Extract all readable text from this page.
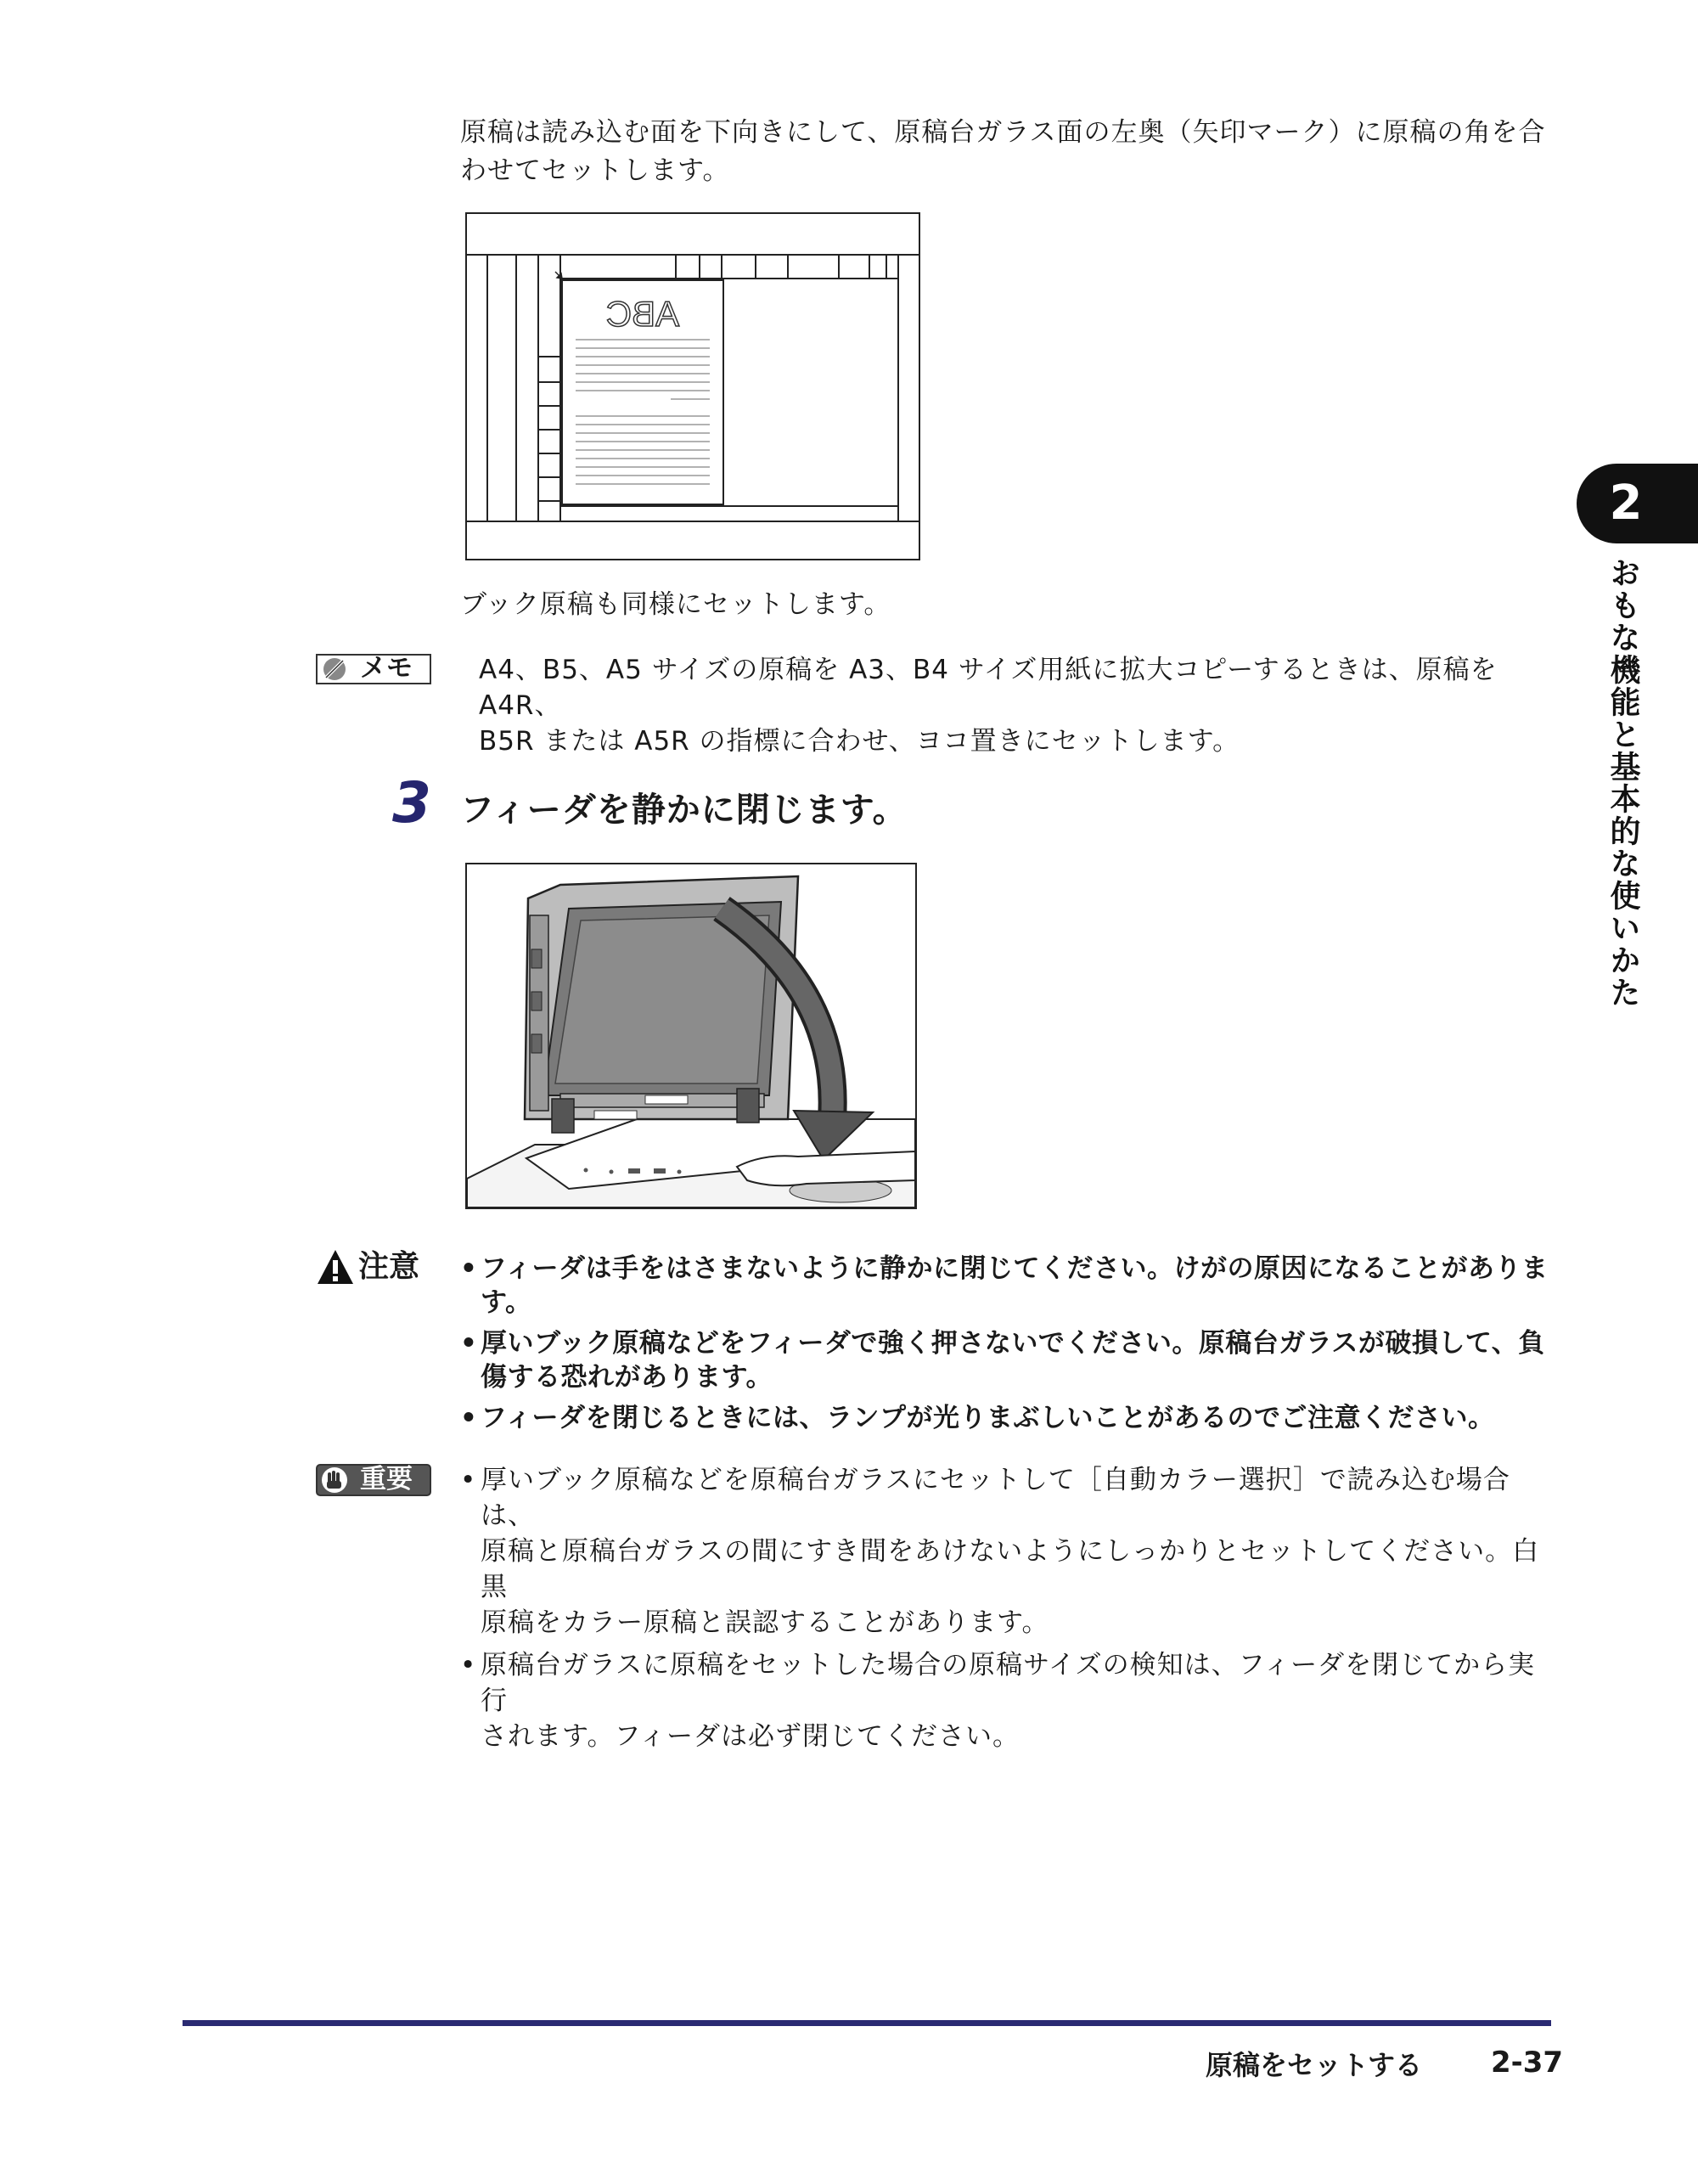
原稿は読み込む面を下向きにして、原稿台ガラス面の左奥（矢印マーク）に原稿の角を合
わせてセットします。
ABC
ブック原稿も同様にセットします。
メモ	A4、B5、A5 サイズの原稿を A3、B4 サイズ用紙に拡大コピーするときは、原稿を A4R、
B5R または A5R の指標に合わせ、ヨコ置きにセットします。
3 フィーダを静かに閉じます。
注意 • フィーダは手をはさまないように静かに閉じてください。けがの原因になることがありま
す。
• 厚いブック原稿などをフィーダで強く押さないでください。原稿台ガラスが破損して、負
傷する恐れがあります。
• フィーダを閉じるときには、ランプが光りまぶしいことがあるのでご注意ください。
重要	• 厚いブック原稿などを原稿台ガラスにセットして［自動カラー選択］で読み込む場合は、
原稿と原稿台ガラスの間にすき間をあけないようにしっかりとセットしてください。白黒
原稿をカラー原稿と誤認することがあります。
• 原稿台ガラスに原稿をセットした場合の原稿サイズの検知は、フィーダを閉じてから実行
されます。フィーダは必ず閉じてください。
2
おもな機能と基本的な使いかた
原稿をセットする 2-37
